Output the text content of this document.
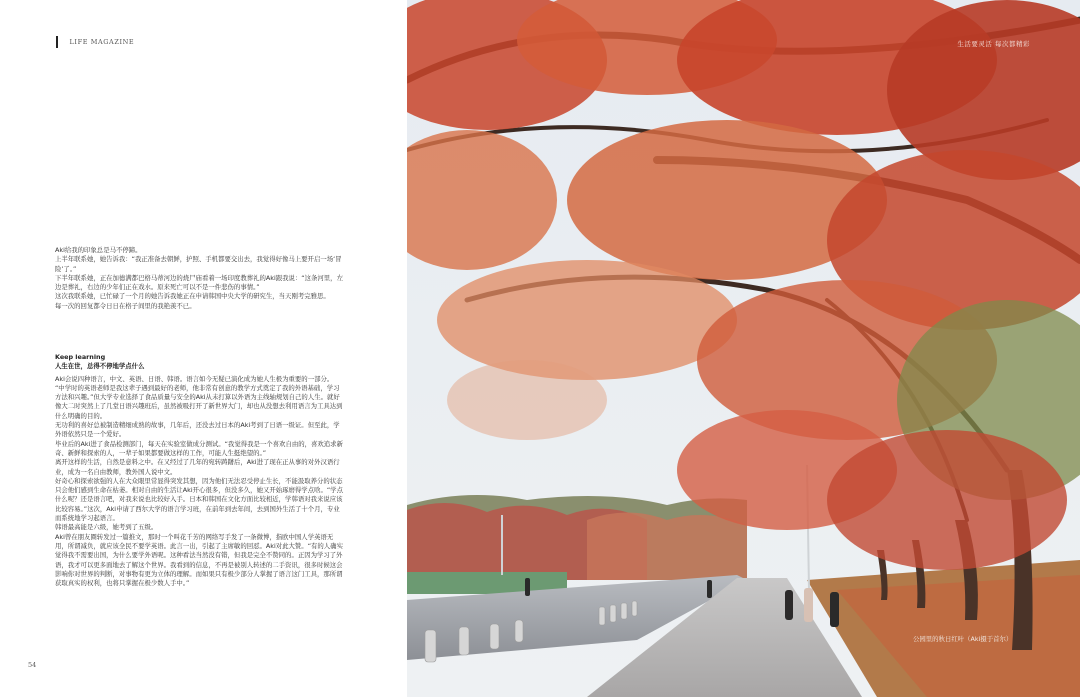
LIFE MAGAZINE

Aki给我的印象总是马不停蹄。

上半年联系她，她告诉我：“我正准备去朝鲜，护照、手机都要交出去，我觉得好像马上要开启一场‘冒险’了。”

下半年联系她，正在加德满都巴格马蒂河边的烧尸庙看着一场印度教葬礼的Aki跟我说：“这条河里，左边是葬礼，右边的少年们正在戏水。原来死亡可以不是一件悲伤的事情。”

这次我联系她，已忙碌了一个月的她告诉我她正在申请韩国中央大学的研究生，当天刚考完雅思。

每一次的回复都令日日在格子间里的我艳羡不已。

Keep learning

人生在世，总得不停地学点什么

Aki会说四种语言，中文、英语、日语、韩语。语言如今无疑已演化成为她人生极为重要的一部分。

“中学时的英语老师是我这辈子遇到最好的老师，他非常有创意的教学方式奠定了我的外语基础，学习方法和兴趣。”但大学专业选择了食品质量与安全的Aki从未打算以外语为主线轴规划自己的人生。就好像大二时突然上了几堂日语兴趣班后，虽然被吸打开了新世界大门，却也从没想去利用语言为工具达到什么明确的目的。

无功利的喜好总被制造精细成熟的故事，几年后，还没去过日本的Aki考到了日语一级证。但至此，学外语依然只是一个爱好。

毕业后的Aki进了食品检测部门，每天在实验室做成分测试。“我觉得我是一个喜欢自由的，喜欢追求新奇、新鲜和探索的人，一辈子如果都要做这样的工作，可能人生挺绝望的。”

离开这样的生活，自然是意料之中。在又经过了几年的宛转踌躇后，Aki进了现在正从事的对外汉语行业，成为一名自由教师，教外国人说中文。

好奇心和探索欲强的人在大众眼里常显得突发其想，因为他们无法忍受停止生长，不能汲取养分的状态只会他们感到生命在枯萎。相对自由的生活让Aki开心很多，但没多久，她又开始琢磨得学点啥。“学点什么呢？还是语言吧，对我来说也比较好入手。日本和韩国在文化方面比较相近，学韩语对我来说应该比较容易。”这次，Aki申请了西尔大学的语言学习班，在前年到去年间，去到国外生活了十个月，专业而系统地学习起语言。

韩语最高能是六级，她考到了五级。

Aki曾在朋友圈转发过一篇推文，那时一个叫花千芳的网络写手发了一条微博，指欧中国人学英语无用，所谓减负，就应该全民不要学英语。此言一出，引起了主席敏的回怼。Aki对此大赞。“有的人确实觉得我不需要出国，为什么要学外语呢。这种看法当然没有错，但我是完全不赞同的。正因为学习了外语，我才可以更多面地去了解这个世界。我看到的信息，不再是被别人转述的二手资讯，很多时候这会影响你对世界的判断，对事物有更为立体的理解。而如果只有极少部分人掌握了语言这门工具，那所谓获取真实的权利，也将只掌握在极少数人手中。”

54
生活要灵活 每次都精彩
公园里的秋日红叶（Aki摄于首尔）
